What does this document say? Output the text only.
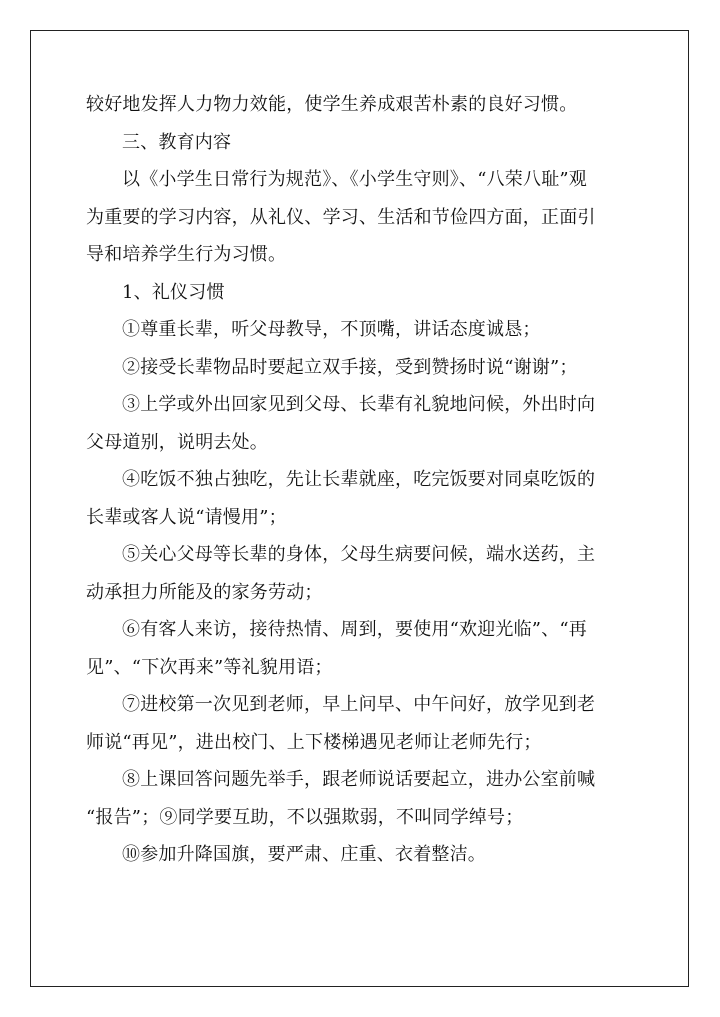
较好地发挥人力物力效能，使学生养成艰苦朴素的良好习惯。
三、教育内容
以《小学生日常行为规范》、《小学生守则》、“八荣八耻”观
为重要的学习内容，从礼仪、学习、生活和节俭四方面，正面引
导和培养学生行为习惯。
1、礼仪习惯
①尊重长辈，听父母教导，不顶嘴，讲话态度诚恳；
②接受长辈物品时要起立双手接，受到赞扬时说“谢谢”；
③上学或外出回家见到父母、长辈有礼貌地问候，外出时向
父母道别，说明去处。
④吃饭不独占独吃，先让长辈就座，吃完饭要对同桌吃饭的
长辈或客人说“请慢用”；
⑤关心父母等长辈的身体，父母生病要问候，端水送药，主
动承担力所能及的家务劳动；
⑥有客人来访，接待热情、周到，要使用“欢迎光临”、“再
见”、“下次再来”等礼貌用语；
⑦进校第一次见到老师，早上问早、中午问好，放学见到老
师说“再见”，进出校门、上下楼梯遇见老师让老师先行；
⑧上课回答问题先举手，跟老师说话要起立，进办公室前喊
“报告”；⑨同学要互助，不以强欺弱，不叫同学绰号；
⑩参加升降国旗，要严肃、庄重、衣着整洁。
